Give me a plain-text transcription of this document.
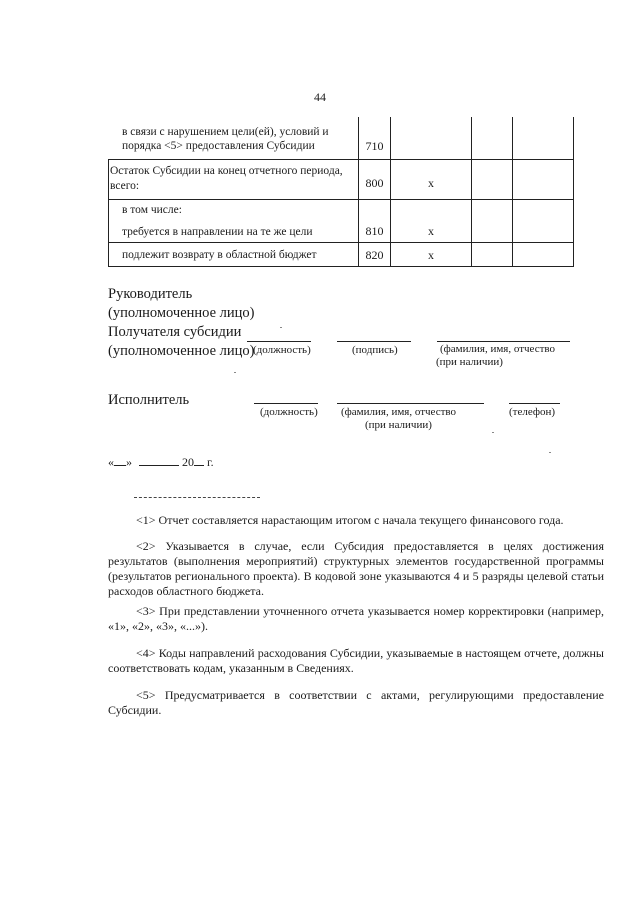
44
в связи с нарушением цели(ей), условий и
порядка <5> предоставления Субсидии	710
Остаток Субсидии на конец отчетного периода,
всего:	800	x
в том числе:
требуется в направлении на те же цели	810	x
подлежит возврату в областной бюджет	820	x
Руководитель
(уполномоченное лицо)
Получателя субсидии
(уполномоченное лицо)
(должность)	(подпись)	(фамилия, имя, отчество
(при наличии)
Исполнитель
(должность) (фамилия, имя, отчество
(при наличии)
(телефон)
« »	20 г.

<1> Отчет составляется нарастающим итогом с начала текущего финансового года.

<2> Указывается в случае, если Субсидия предоставляется в целях достижения результатов (выполнения мероприятий) структурных элементов государственной программы (результатов регионального проекта). В кодовой зоне указываются 4 и 5 разряды целевой статьи расходов областного бюджета.

<3> При представлении уточненного отчета указывается номер корректировки (например, «1», «2», «3», «...»).

<4> Коды направлений расходования Субсидии, указываемые в настоящем отчете, должны соответствовать кодам, указанным в Сведениях.

<5> Предусматривается в соответствии с актами, регулирующими предоставление Субсидии.
